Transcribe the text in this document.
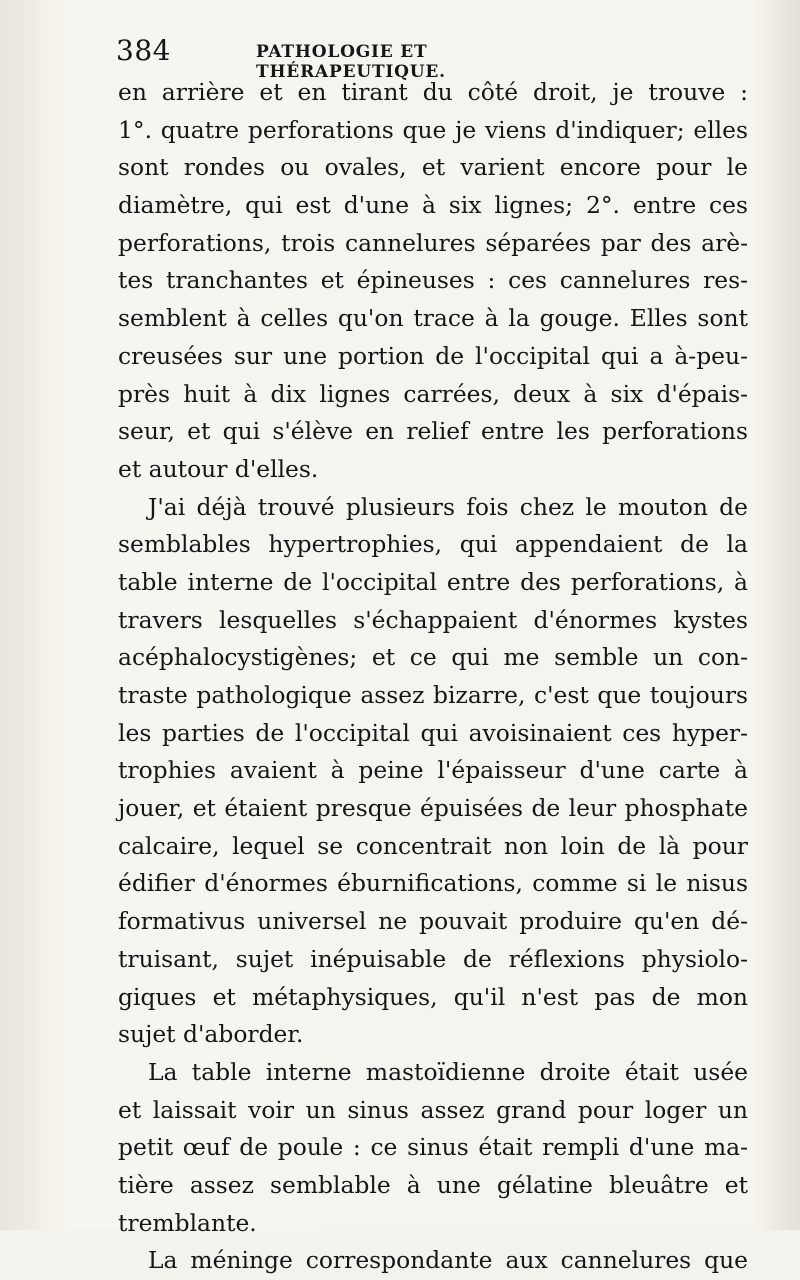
384	PATHOLOGIE ET THÉRAPEUTIQUE.
en arrière et en tirant du côté droit, je trouve :
1°. quatre perforations que je viens d'indiquer; elles
sont rondes ou ovales, et varient encore pour le
diamètre, qui est d'une à six lignes; 2°. entre ces
perforations, trois cannelures séparées par des arè-
tes tranchantes et épineuses : ces cannelures res-
semblent à celles qu'on trace à la gouge. Elles sont
creusées sur une portion de l'occipital qui a à-peu-
près huit à dix lignes carrées, deux à six d'épais-
seur, et qui s'élève en relief entre les perforations
et autour d'elles.
J'ai déjà trouvé plusieurs fois chez le mouton de
semblables hypertrophies, qui appendaient de la
table interne de l'occipital entre des perforations, à
travers lesquelles s'échappaient d'énormes kystes
acéphalocystigènes; et ce qui me semble un con-
traste pathologique assez bizarre, c'est que toujours
les parties de l'occipital qui avoisinaient ces hyper-
trophies avaient à peine l'épaisseur d'une carte à
jouer, et étaient presque épuisées de leur phosphate
calcaire, lequel se concentrait non loin de là pour
édifier d'énormes éburnifications, comme si le nisus
formativus universel ne pouvait produire qu'en dé-
truisant, sujet inépuisable de réflexions physiolo-
giques et métaphysiques, qu'il n'est pas de mon
sujet d'aborder.
La table interne mastoïdienne droite était usée
et laissait voir un sinus assez grand pour loger un
petit œuf de poule : ce sinus était rempli d'une ma-
tière assez semblable à une gélatine bleuâtre et
tremblante.
La méninge correspondante aux cannelures que
